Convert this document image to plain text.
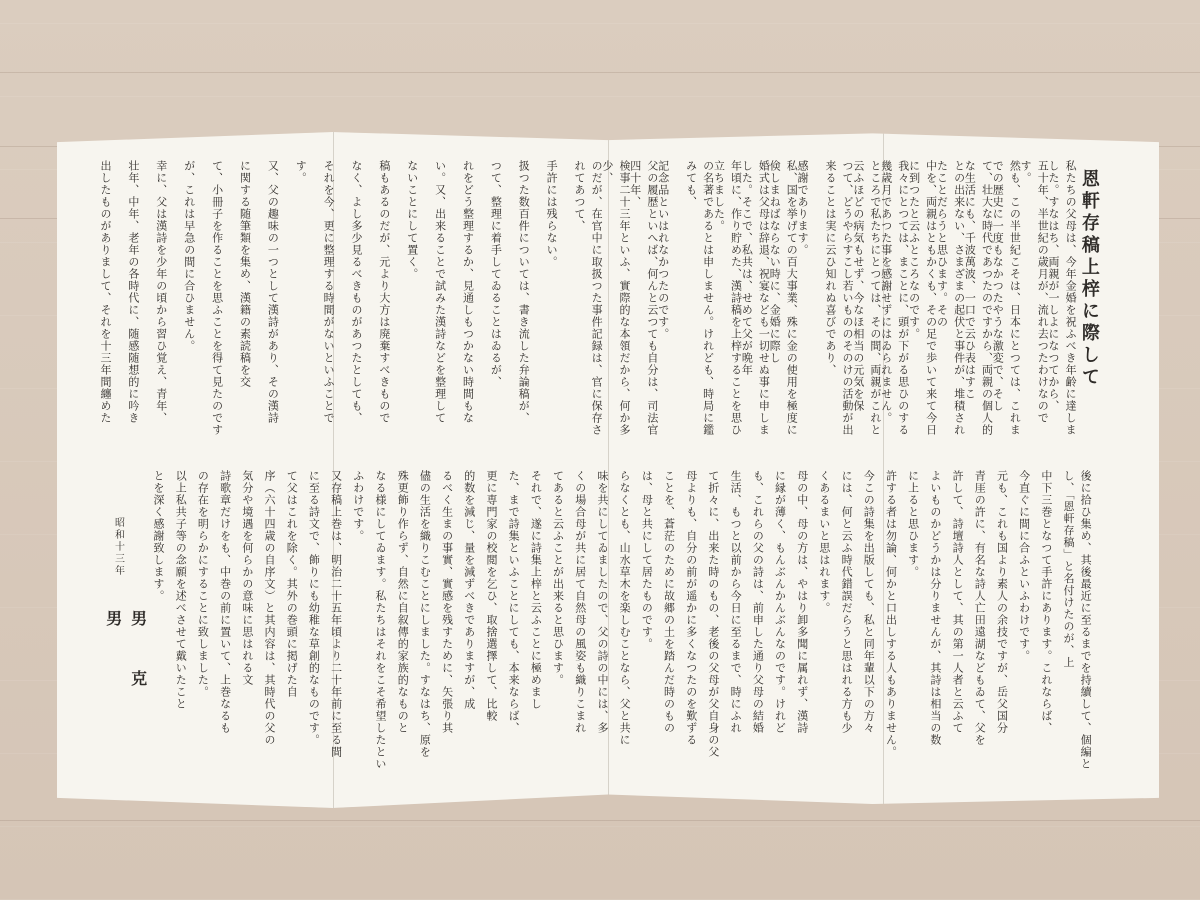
恩軒存稿上梓に際して
私たちの父母は、今年金婚を祝ふべき年齢に達しました。すなはち、両親が一しよになつてから、
五十年、半世紀の歳月が、流れ去つたわけなのです。
然も、この半世紀こそは、日本にとつては、これまでの歴史に一度もなかつたやうな激変で、そし
て、壮大な時代であつたのですから、両親の個人的な生活にも、千波萬波、一口で云ひ表はすこ
との出来ない、さまざまの起伏と事件が、堆積されたことだらうと思ひます。その
中を、両親はともかくも、その足で歩いて来て今日に到つたと云ふところなのです。
我々にとつては、まことに、頭が下がる思ひのする幾歳月であつた事を感謝せずにはゐられません。
ところで私たちにとつては、その間、両親がこれと云ふほどの病気もせず、今なほ相当の元気を保
つて、どうやらすこし若いもののそのけの活動が出来ることは実に云ひ知れぬ喜びであり、
感謝であります。
私、国を挙げての百大事業、殊に金の使用を極度に倹しまねばならない時に、金婚に際し
婚式は父母は辞退、祝宴なども一切せぬ事に申しました。そこで、私共は、せめて父が晩年
年頃に、作り貯めた、漢詩稿を上梓することを思ひ立ちました。
の名著であるとは申しません。けれども、時局に鑑みても、
記念品といはれなかつたのです。
父の履歴といへば、何んと云つても自分は、司法官四十年、
検事二十三年といふ、實際的な本領だから、何か多少、
のだが、在官中に取扱つた事件記録は、官に保存されてあつて、
手許には残らない。
扱つた数百件については、書き流した弁論稿が、
つて、整理に着手してゐることはゐるが、
れをどう整理するか、見通しもつかない時間もな
い。又、出来ることで試みた漢詩などを整理して
ないことにして置く。
稿もあるのだが、元より大方は廃棄すべきもので
なく、よし多少見るべきものがあつたとしても、
それを今、更に整理する時間がないといふことで
す。
又、父の趣味の一つとして漢詩があり、その漢詩
に関する随筆類を集め、漢籍の素読稿を交
て、小冊子を作ることを思ふことを得て見たのです
が、これは早急の間に合ひません。
幸に、父は漢詩を少年の頃から習ひ覚え、青年、
壮年、中年、老年の各時代に、随感随想的に吟き
出したものがありまして、それを十三年間纏めた
後に拾ひ集め、其後最近に至るまでを持續して、個編とし、「恩軒存稿」と名付けたのが、上
中下三巻となつて手許にあります。これならば、
今直ぐに間に合ふといふわけです。
元も、これも国より素人の余技ですが、岳父国分
青厓の許に、有名な詩人亡田遠湖などもゐて、父を
許して、詩壇詩人として、其の第一人者と云ふて
よいものかどうかは分りませんが、其詩は相当の数
に上ると思ひます。
許する者は勿論、何かと口出しする人もありません。
今この詩集を出版しても、私と同年輩以下の方々
には、何と云ふ時代錯誤だらうと思はれる方も少
くあるまいと思はれます。
母の中、母の方は、やはり卸多聞に属れず、漢詩
に縁が薄く、もんぶんかんぶんなのです。けれど
も、これらの父の詩は、前申した通り父母の結婚
生活、もつと以前から今日に至るまで、時にふれ
て折々に、出来た時のもの、老後の父母が父自身の父
母よりも、自分の前が遥かに多くなつたのを歎ずる
ことを、蒼茫のために故郷の土を踏んだ時のもの
は、母と共にして居たものです。
らなくとも、山水草木を楽しむことなら、父と共に
味を共にしてゐましたので、父の詩の中には、多
くの場合母が共に居て自然母の風姿も織りこまれ
てあると云ふことが出来ると思ひます。
それで、遂に詩集上梓と云ふことに極めまし
た、まで詩集といふことにしても、本来ならば、
更に専門家の校閲を乞ひ、取捨選擇して、比較
的数を減じ、量を減ずべきでありますが、成
るべく生まの事實、實感を残すために、矢張り其
儘の生活を織りこむことにしました。すなはち、原を
殊更飾り作らず、自然に自叙傳的家族的なものと
なる様にしてゐます。私たちはそれをこそ希望したとい
ふわけです。
又存稿上巻は、明治二十五年頃より二十年前に至る間
に至る詩文で、飾りにも幼稚な草創的なものです。
て父はこれを除く。其外の巻頭に掲げた自
序（六十四歳の自序文）と其内容は、其時代の父の
気分や境遇を何らかの意味に思はれる文
詩歌章だけをも、中巻の前に置いて、上巻なるも
の存在を明らかにすることに致しました。
以上私共子等の念願を述べさせて戴いたこと
とを深く感謝致します。
昭和十三年
男　克　男
